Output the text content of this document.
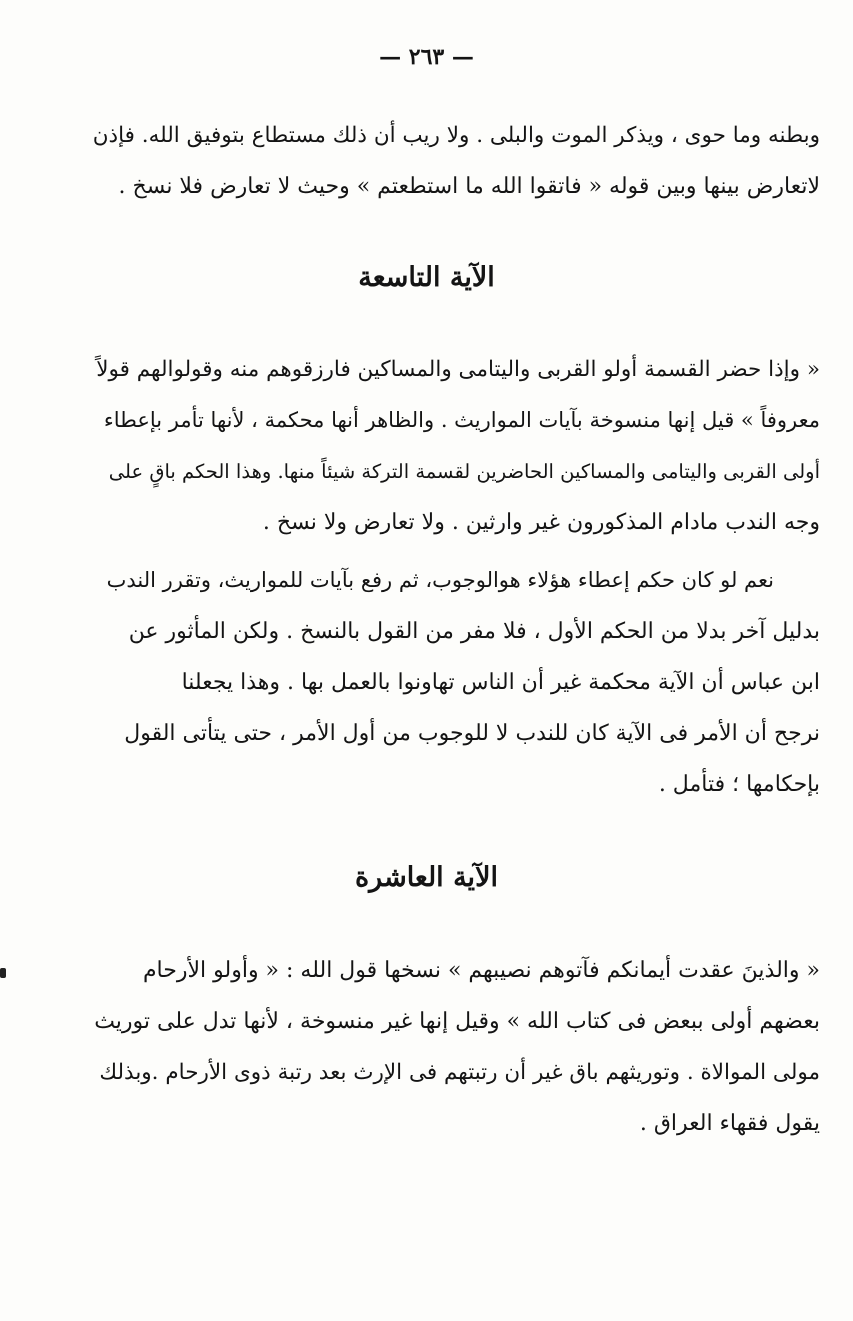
— ٢٦٣ —
وبطنه وما حوى ، ويذكر الموت والبلى . ولا ريب أن ذلك مستطاع بتوفيق الله. فإذن
لاتعارض بينها وبين قوله « فاتقوا الله ما استطعتم » وحيث لا تعارض فلا نسخ .
الآية التاسعة
« وإذا حضر القسمة أولو القربى واليتامى والمساكين فارزقوهم منه وقولوالهم قولاً
معروفاً » قيل إنها منسوخة بآيات المواريث . والظاهر أنها محكمة ، لأنها تأمر بإعطاء
أولى القربى واليتامى والمساكين الحاضرين لقسمة التركة شيئاً منها. وهذا الحكم باقٍ على
وجه الندب مادام المذكورون غير وارثين . ولا تعارض ولا نسخ .
نعم لو كان حكم إعطاء هؤلاء هوالوجوب، ثم رفع بآيات للمواريث، وتقرر الندب
بدليل آخر بدلا من الحكم الأول ، فلا مفر من القول بالنسخ . ولكن المأثور عن
ابن عباس أن الآية محكمة غير أن الناس تهاونوا بالعمل بها . وهذا يجعلنا
نرجح أن الأمر فى الآية كان للندب لا للوجوب من أول الأمر ، حتى يتأتى القول
بإحكامها ؛ فتأمل .
الآية العاشرة
« والذينَ عقدت أيمانكم فآتوهم نصيبهم » نسخها قول الله : « وأولو الأرحام
بعضهم أولى ببعض فى كتاب الله » وقيل إنها غير منسوخة ، لأنها تدل على توريث
مولى الموالاة . وتوريثهم باق غير أن رتبتهم فى الإرث بعد رتبة ذوى الأرحام .وبذلك
يقول فقهاء العراق .
